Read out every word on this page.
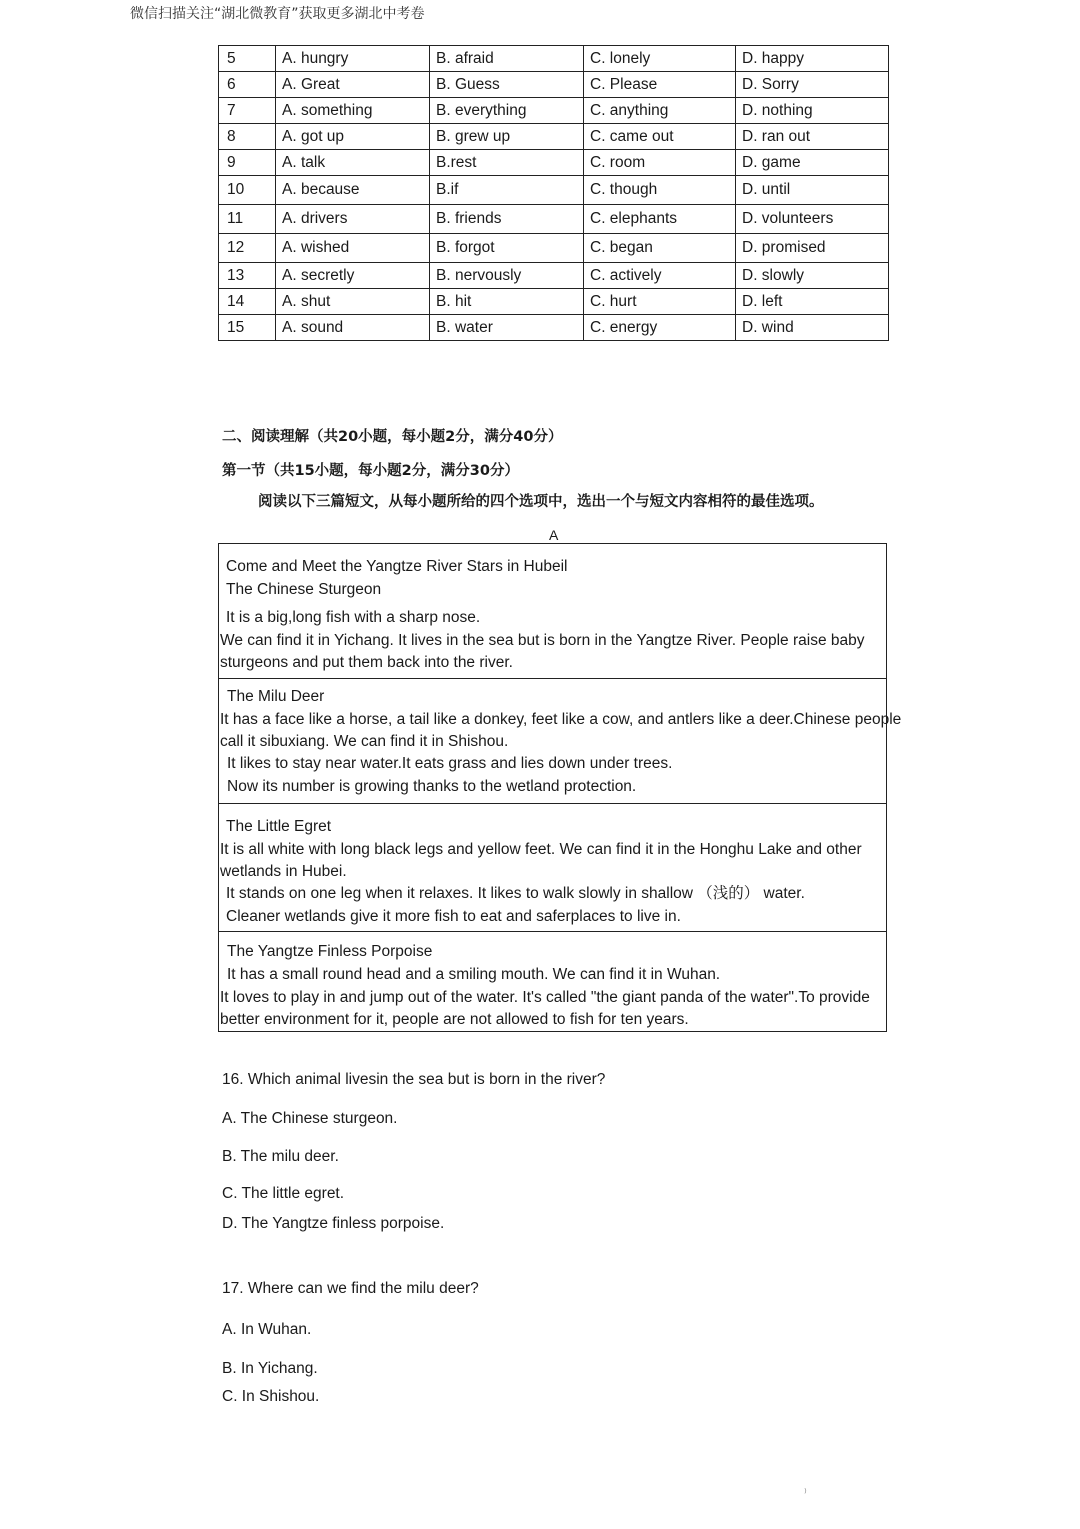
微信扫描关注“湖北微教育”获取更多湖北中考卷
5	A. hungry	B. afraid	C. lonely	D. happy
6	A. Great	B. Guess	C. Please	D. Sorry
7	A. something	B. everything	C. anything	D. nothing
8	A. got up	B. grew up	C. came out	D. ran out
9	A. talk	B.rest	C. room	D. game
10	A. because	B.if	C. though	D. until
11	A. drivers	B. friends	C. elephants	D. volunteers
12	A. wished	B. forgot	C. began	D. promised
13	A. secretly	B. nervously	C. actively	D. slowly
14	A. shut	B. hit	C. hurt	D. left
15	A. sound	B. water	C. energy	D. wind
二、阅读理解（共20小题，每小题2分，满分40分）
第一节（共15小题，每小题2分，满分30分）
阅读以下三篇短文，从每小题所给的四个选项中，选出一个与短文内容相符的最佳选项。
A
Come and Meet the Yangtze River Stars in Hubeil
The Chinese Sturgeon
It is a big,long fish with a sharp nose.
We can find it in Yichang. It lives in the sea but is born in the Yangtze River. People raise baby
sturgeons and put them back into the river.
The Milu Deer
It has a face like a horse, a tail like a donkey, feet like a cow, and antlers like a deer.Chinese people
call it sibuxiang. We can find it in Shishou.
It likes to stay near water.It eats grass and lies down under trees.
Now its number is growing thanks to the wetland protection.
The Little Egret
It is all white with long black legs and yellow feet. We can find it in the Honghu Lake and other
wetlands in Hubei.
It stands on one leg when it relaxes. It likes to walk slowly in shallow （浅的） water.
Cleaner wetlands give it more fish to eat and saferplaces to live in.
The Yangtze Finless Porpoise
It has a small round head and a smiling mouth. We can find it in Wuhan.
It loves to play in and jump out of the water. It's called "the giant panda of the water".To provide
better environment for it, people are not allowed to fish for ten years.
16. Which animal livesin the sea but is born in the river?
A. The Chinese sturgeon.
B. The milu deer.
C. The little egret.
D. The Yangtze finless porpoise.
17. Where can we find the milu deer?
A. In Wuhan.
B. In Yichang.
C. In Shishou.
⁾
